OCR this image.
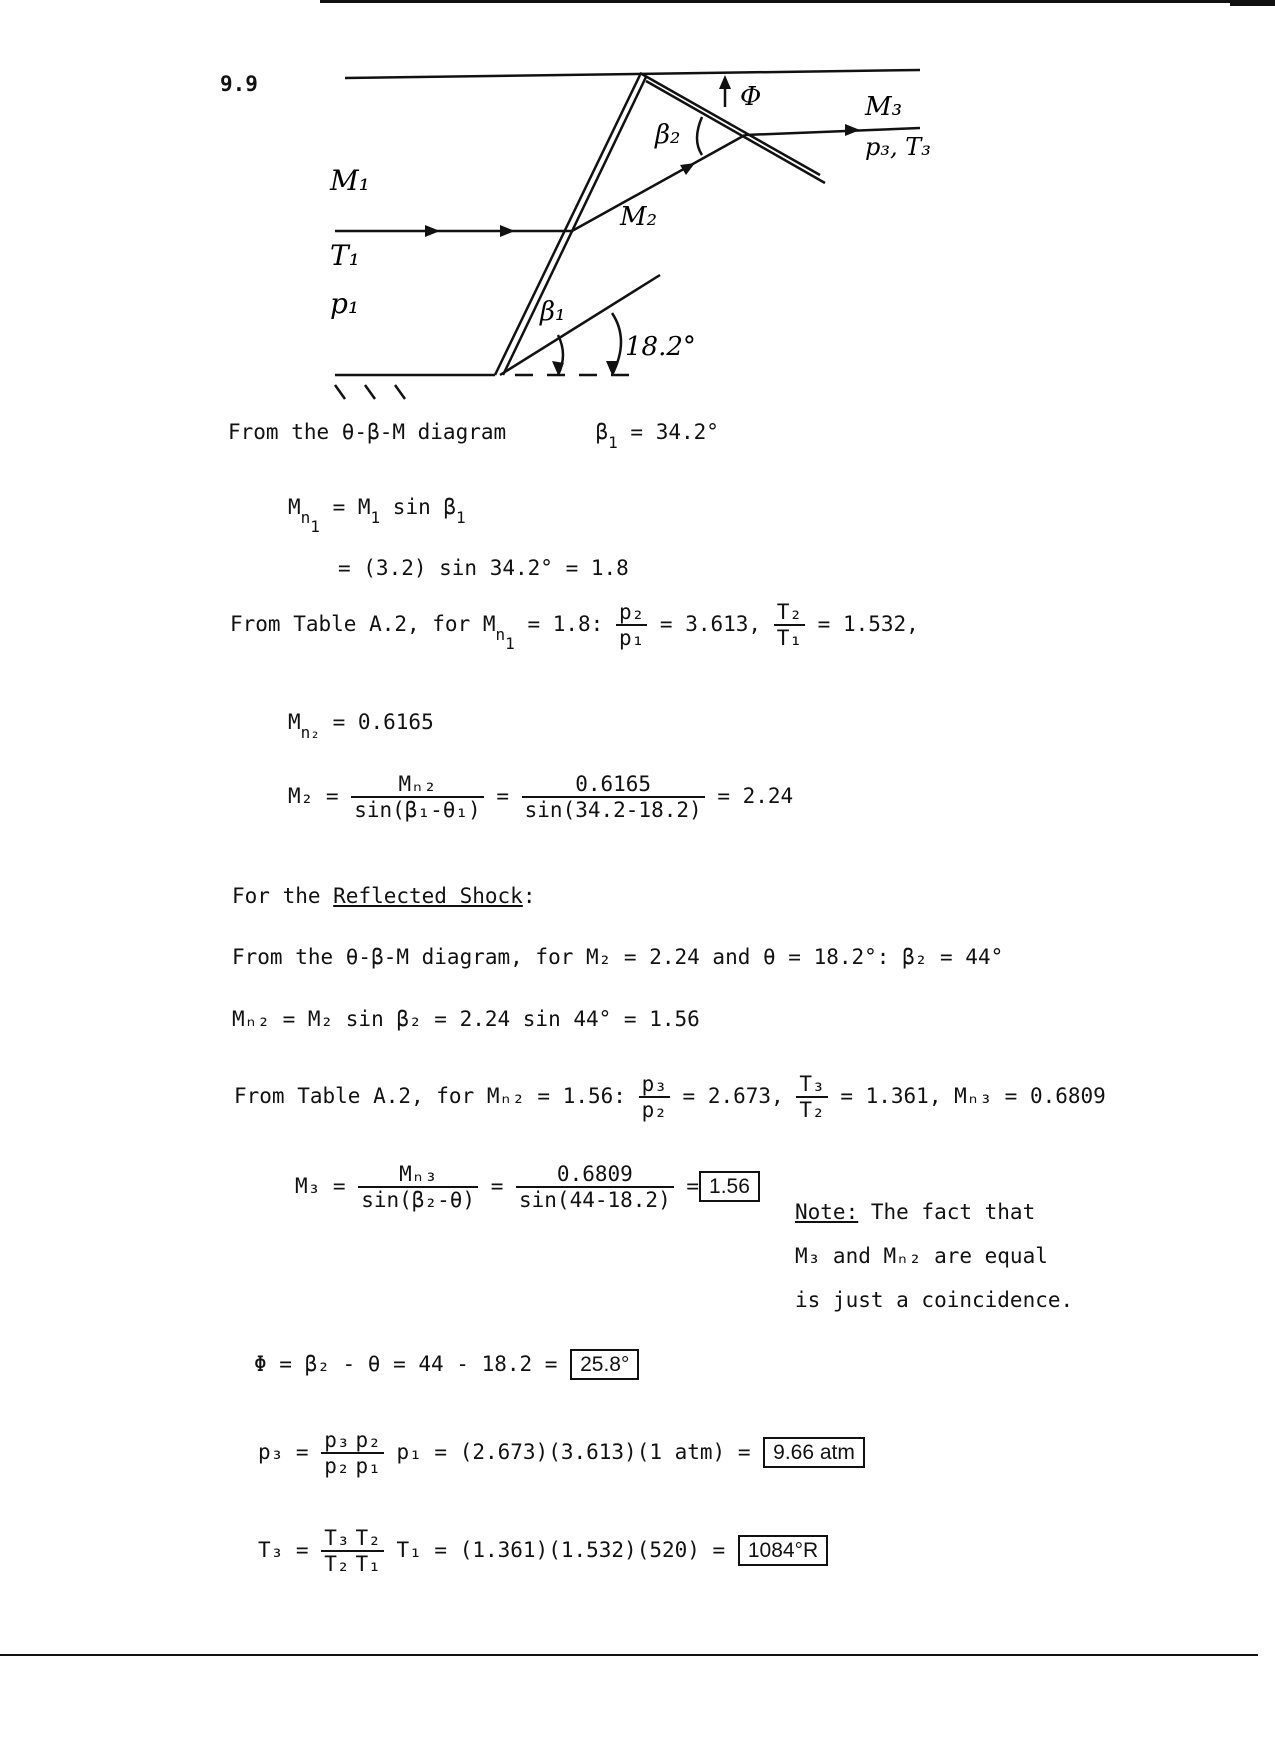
9.9
M₁
T₁
p₁
M₂
M₃
p₃, T₃
β₁
β₂
Φ
18.2°
From the θ-β-M diagram	$\beta_1 = 34.2^\circ$
$M_{n1} = M_1$ $\sin \beta_1$
= (3.2) sin 34.2° = 1.8
From Table A.2, for $M_{n1} = 1.8$: $\frac{\text{p₂}}{\text{p₁}} = 3.613$, $\frac{\text{T₂}}{\text{T₁}} = 1.532$,
$M_{n_2} = 0.6165$
$M_2 = \frac{\text{Mₙ₂}}{\text{sin(β₁-θ₁)}} = \frac{0.6165}{\sin(34.2-18.2)} = 2.24$
For the Reflected Shock:
From the θ-β-M diagram, for M₂ = 2.24 and θ = 18.2°: β₂ = 44°
Mₙ₂ = M₂ sin β₂ = 2.24 sin 44° = 1.56
From Table A.2, for Mₙ₂ = 1.56: $\frac{\text{p₃}}{\text{p₂}} = 2.673$, $\frac{\text{T₃}}{\text{T₂}} = 1.361$, Mₙ₃ = 0.6809
$M_3 = \frac{\text{Mₙ₃}}{\text{sin(β₂-θ)}} = \frac{0.6809}{\sin(44-18.2)} = 1.56$
Note: The fact that
M₃ and Mₙ₂ are equal
is just a coincidence.
Φ = β₂ - θ = 44 - 18.2 = 25.8°
$p_3 = \frac{\text{p₃}}{\text{p₂}} \frac{\text{p₂}}{\text{p₁}} p_1 = (2.673)(3.613)(1$ atm) = 9.66 atm
$T_3 = \frac{\text{T₃}}{\text{T₂}} \frac{\text{T₂}}{\text{T₁}} T_1 = (1.361)(1.532)(520) = 1084^\circ R$
